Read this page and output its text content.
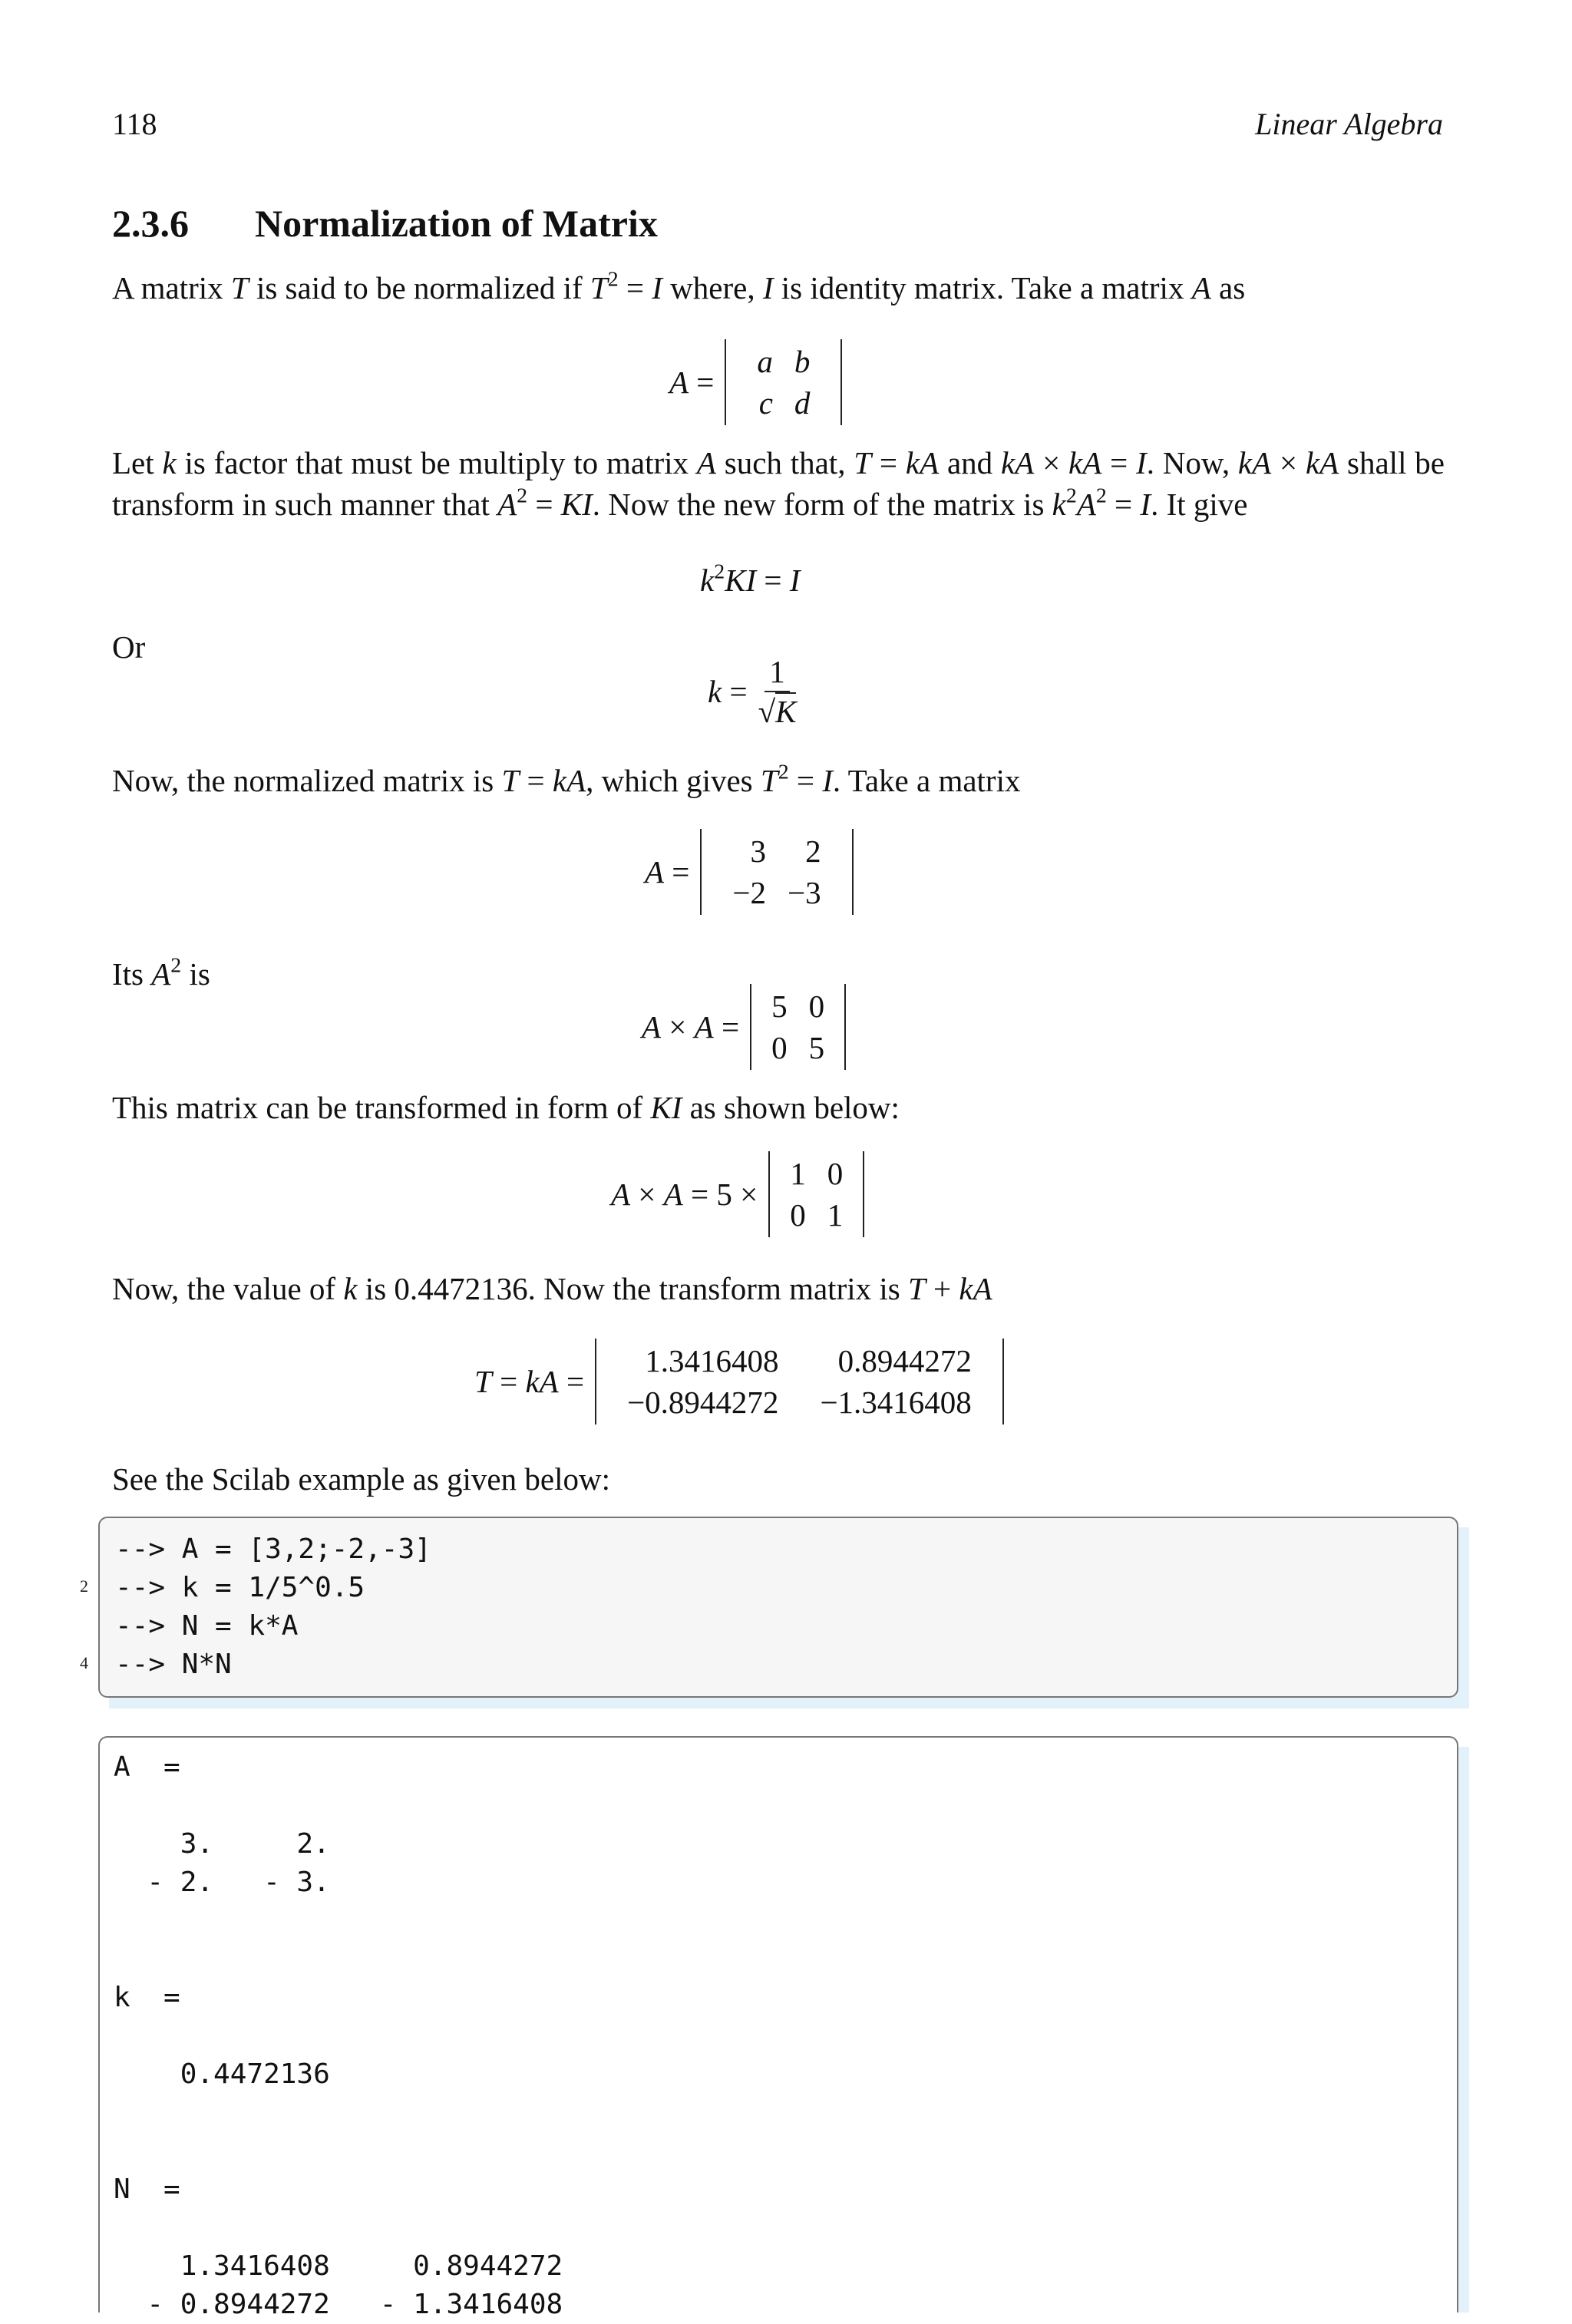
118	Linear Algebra
2.3.6 Normalization of Matrix
A matrix T is said to be normalized if $T^2 = I$ where, I is identity matrix. Take a matrix A as
A =
a	b
c	d
Let k is factor that must be multiply to matrix A such that, T = kA and kA × kA = I. Now, kA × kA shall be transform in such manner that $A^2$ = KI. Now the new form of the matrix is $k^2A^2 = I$. It give
$k^2KI = I$
Or
$k = \frac{1}{√K}$
Now, the normalized matrix is T = kA, which gives $T^2 = I$. Take a matrix
A =
3	2
−2	−3
Its $A^2$ is
A × A =
5	0
0	5
This matrix can be transformed in form of KI as shown below:
A × A = 5 ×
1	0
0	1
Now, the value of k is 0.4472136. Now the transform matrix is T + kA
T = kA =
1.3416408	0.8944272
−0.8944272	−1.3416408
See the Scilab example as given below:
--> A = [3,2;-2,-3]
--> k = 1/5^0.5
--> N = k*A
--> N*N
2
4
A  =

3.     2.
- 2.   - 3.

k  =

0.4472136

N  =

1.3416408     0.8944272
- 0.8944272   - 1.3416408
